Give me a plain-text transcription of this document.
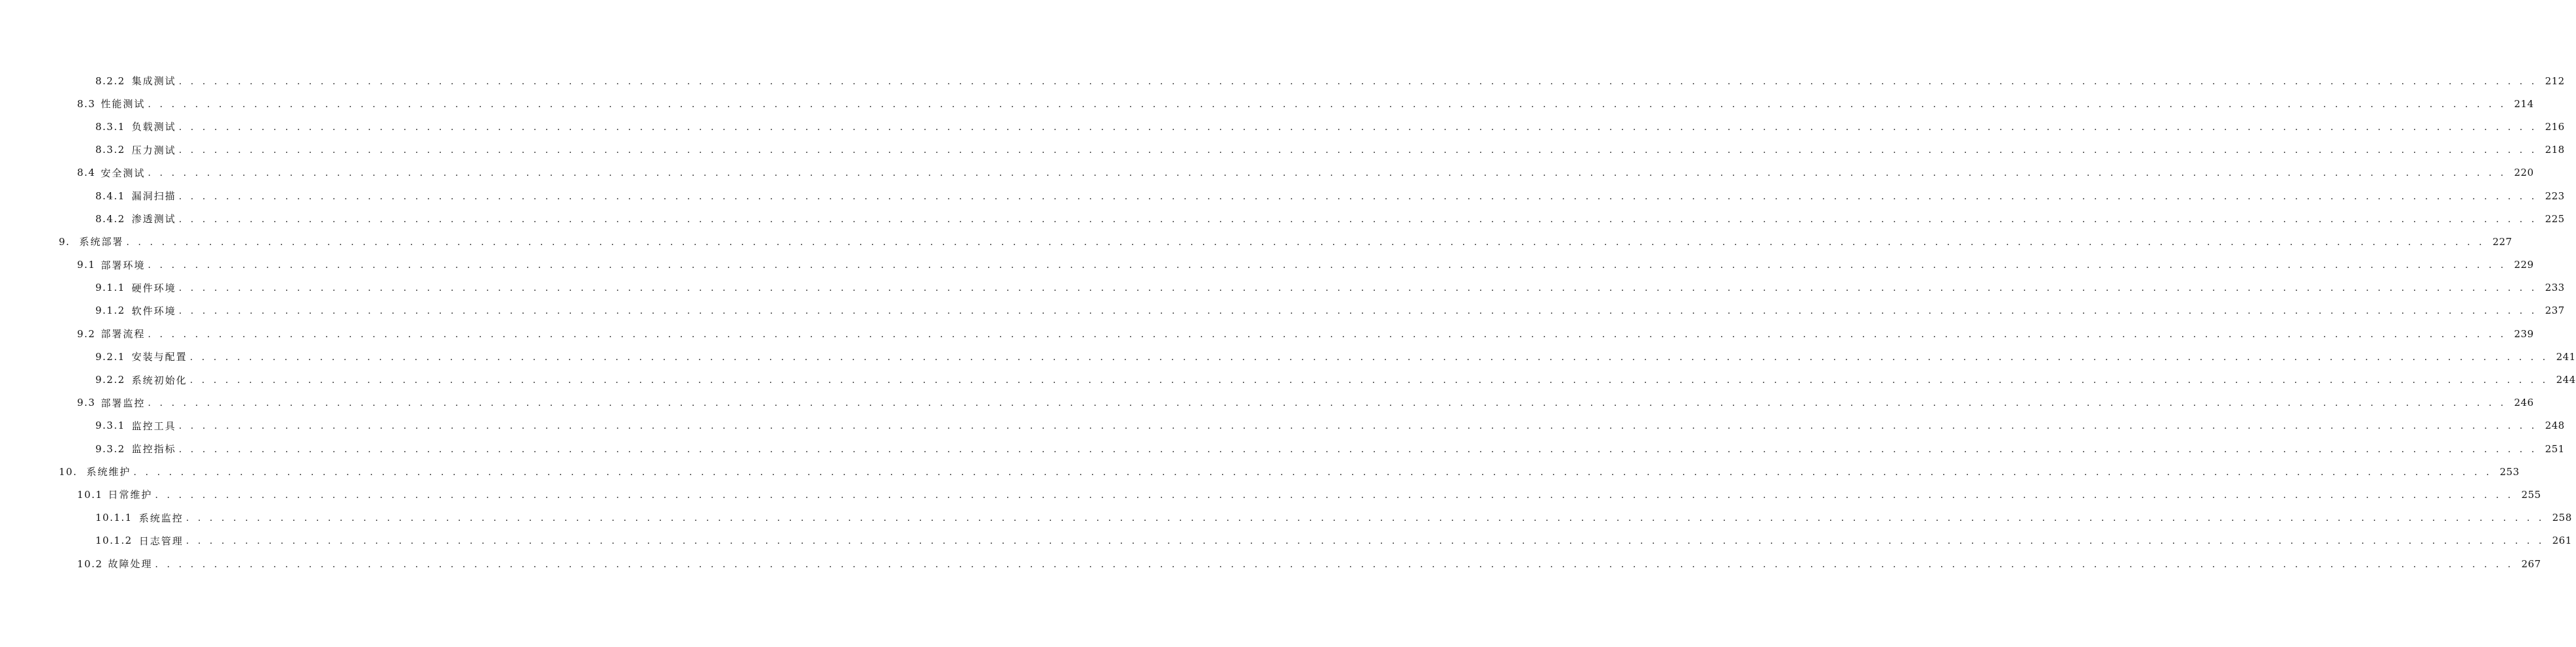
8.2.2 集成测试 . . . . . . . . . . . . . . . . . . . . . . . . . . . . . . . . . . . . . . . . . . . . . . . . . . . . . . . . . . . . . . . . . . . . . . . . . . . . . . . . . . . . . . . . . . . . . . . . . . . . . . . . . . . . . . . . . . . . . . . . . . . . . . . . . . . . . . . . . . . . . . . . . . . . . . . . . . . . . . . . . . . . . . . . . . . . . . . . . . . . . . . . . . . . . . . . . . . . . . . . 212
8.3 性能测试 . . . . . . . . . . . . . . . . . . . . . . . . . . . . . . . . . . . . . . . . . . . . . . . . . . . . . . . . . . . . . . . . . . . . . . . . . . . . . . . . . . . . . . . . . . . . . . . . . . . . . . . . . . . . . . . . . . . . . . . . . . . . . . . . . . . . . . . . . . . . . . . . . . . . . . . . . . . . . . . . . . . . . . . . . . . . . . . . . . . . . . . . . . . . . . . . . . . . . . . . 214
8.3.1 负载测试 . . . . . . . . . . . . . . . . . . . . . . . . . . . . . . . . . . . . . . . . . . . . . . . . . . . . . . . . . . . . . . . . . . . . . . . . . . . . . . . . . . . . . . . . . . . . . . . . . . . . . . . . . . . . . . . . . . . . . . . . . . . . . . . . . . . . . . . . . . . . . . . . . . . . . . . . . . . . . . . . . . . . . . . . . . . . . . . . . . . . . . . . . . . . . . . . . . . . . . . . 216
8.3.2 压力测试 . . . . . . . . . . . . . . . . . . . . . . . . . . . . . . . . . . . . . . . . . . . . . . . . . . . . . . . . . . . . . . . . . . . . . . . . . . . . . . . . . . . . . . . . . . . . . . . . . . . . . . . . . . . . . . . . . . . . . . . . . . . . . . . . . . . . . . . . . . . . . . . . . . . . . . . . . . . . . . . . . . . . . . . . . . . . . . . . . . . . . . . . . . . . . . . . . . . . . . . . 218
8.4 安全测试 . . . . . . . . . . . . . . . . . . . . . . . . . . . . . . . . . . . . . . . . . . . . . . . . . . . . . . . . . . . . . . . . . . . . . . . . . . . . . . . . . . . . . . . . . . . . . . . . . . . . . . . . . . . . . . . . . . . . . . . . . . . . . . . . . . . . . . . . . . . . . . . . . . . . . . . . . . . . . . . . . . . . . . . . . . . . . . . . . . . . . . . . . . . . . . . . . . . . . . . . 220
8.4.1 漏洞扫描 . . . . . . . . . . . . . . . . . . . . . . . . . . . . . . . . . . . . . . . . . . . . . . . . . . . . . . . . . . . . . . . . . . . . . . . . . . . . . . . . . . . . . . . . . . . . . . . . . . . . . . . . . . . . . . . . . . . . . . . . . . . . . . . . . . . . . . . . . . . . . . . . . . . . . . . . . . . . . . . . . . . . . . . . . . . . . . . . . . . . . . . . . . . . . . . . . . . . . . . . 223
8.4.2 渗透测试 . . . . . . . . . . . . . . . . . . . . . . . . . . . . . . . . . . . . . . . . . . . . . . . . . . . . . . . . . . . . . . . . . . . . . . . . . . . . . . . . . . . . . . . . . . . . . . . . . . . . . . . . . . . . . . . . . . . . . . . . . . . . . . . . . . . . . . . . . . . . . . . . . . . . . . . . . . . . . . . . . . . . . . . . . . . . . . . . . . . . . . . . . . . . . . . . . . . . . . . . 225
9. 系统部署 . . . . . . . . . . . . . . . . . . . . . . . . . . . . . . . . . . . . . . . . . . . . . . . . . . . . . . . . . . . . . . . . . . . . . . . . . . . . . . . . . . . . . . . . . . . . . . . . . . . . . . . . . . . . . . . . . . . . . . . . . . . . . . . . . . . . . . . . . . . . . . . . . . . . . . . . . . . . . . . . . . . . . . . . . . . . . . . . . . . . . . . . . . . . . . . . . . . . . . . . 227
9.1 部署环境 . . . . . . . . . . . . . . . . . . . . . . . . . . . . . . . . . . . . . . . . . . . . . . . . . . . . . . . . . . . . . . . . . . . . . . . . . . . . . . . . . . . . . . . . . . . . . . . . . . . . . . . . . . . . . . . . . . . . . . . . . . . . . . . . . . . . . . . . . . . . . . . . . . . . . . . . . . . . . . . . . . . . . . . . . . . . . . . . . . . . . . . . . . . . . . . . . . . . . . . . 229
9.1.1 硬件环境 . . . . . . . . . . . . . . . . . . . . . . . . . . . . . . . . . . . . . . . . . . . . . . . . . . . . . . . . . . . . . . . . . . . . . . . . . . . . . . . . . . . . . . . . . . . . . . . . . . . . . . . . . . . . . . . . . . . . . . . . . . . . . . . . . . . . . . . . . . . . . . . . . . . . . . . . . . . . . . . . . . . . . . . . . . . . . . . . . . . . . . . . . . . . . . . . . . . . . . . . 233
9.1.2 软件环境 . . . . . . . . . . . . . . . . . . . . . . . . . . . . . . . . . . . . . . . . . . . . . . . . . . . . . . . . . . . . . . . . . . . . . . . . . . . . . . . . . . . . . . . . . . . . . . . . . . . . . . . . . . . . . . . . . . . . . . . . . . . . . . . . . . . . . . . . . . . . . . . . . . . . . . . . . . . . . . . . . . . . . . . . . . . . . . . . . . . . . . . . . . . . . . . . . . . . . . . . 237
9.2 部署流程 . . . . . . . . . . . . . . . . . . . . . . . . . . . . . . . . . . . . . . . . . . . . . . . . . . . . . . . . . . . . . . . . . . . . . . . . . . . . . . . . . . . . . . . . . . . . . . . . . . . . . . . . . . . . . . . . . . . . . . . . . . . . . . . . . . . . . . . . . . . . . . . . . . . . . . . . . . . . . . . . . . . . . . . . . . . . . . . . . . . . . . . . . . . . . . . . . . . . . . . . 239
9.2.1 安装与配置 . . . . . . . . . . . . . . . . . . . . . . . . . . . . . . . . . . . . . . . . . . . . . . . . . . . . . . . . . . . . . . . . . . . . . . . . . . . . . . . . . . . . . . . . . . . . . . . . . . . . . . . . . . . . . . . . . . . . . . . . . . . . . . . . . . . . . . . . . . . . . . . . . . . . . . . . . . . . . . . . . . . . . . . . . . . . . . . . . . . . . . . . . . . . . . . . . . . . . . . . 241
9.2.2 系统初始化 . . . . . . . . . . . . . . . . . . . . . . . . . . . . . . . . . . . . . . . . . . . . . . . . . . . . . . . . . . . . . . . . . . . . . . . . . . . . . . . . . . . . . . . . . . . . . . . . . . . . . . . . . . . . . . . . . . . . . . . . . . . . . . . . . . . . . . . . . . . . . . . . . . . . . . . . . . . . . . . . . . . . . . . . . . . . . . . . . . . . . . . . . . . . . . . . . . . . . . . . 244
9.3 部署监控 . . . . . . . . . . . . . . . . . . . . . . . . . . . . . . . . . . . . . . . . . . . . . . . . . . . . . . . . . . . . . . . . . . . . . . . . . . . . . . . . . . . . . . . . . . . . . . . . . . . . . . . . . . . . . . . . . . . . . . . . . . . . . . . . . . . . . . . . . . . . . . . . . . . . . . . . . . . . . . . . . . . . . . . . . . . . . . . . . . . . . . . . . . . . . . . . . . . . . . . . 246
9.3.1 监控工具 . . . . . . . . . . . . . . . . . . . . . . . . . . . . . . . . . . . . . . . . . . . . . . . . . . . . . . . . . . . . . . . . . . . . . . . . . . . . . . . . . . . . . . . . . . . . . . . . . . . . . . . . . . . . . . . . . . . . . . . . . . . . . . . . . . . . . . . . . . . . . . . . . . . . . . . . . . . . . . . . . . . . . . . . . . . . . . . . . . . . . . . . . . . . . . . . . . . . . . . . 248
9.3.2 监控指标 . . . . . . . . . . . . . . . . . . . . . . . . . . . . . . . . . . . . . . . . . . . . . . . . . . . . . . . . . . . . . . . . . . . . . . . . . . . . . . . . . . . . . . . . . . . . . . . . . . . . . . . . . . . . . . . . . . . . . . . . . . . . . . . . . . . . . . . . . . . . . . . . . . . . . . . . . . . . . . . . . . . . . . . . . . . . . . . . . . . . . . . . . . . . . . . . . . . . . . . . 251
10. 系统维护 . . . . . . . . . . . . . . . . . . . . . . . . . . . . . . . . . . . . . . . . . . . . . . . . . . . . . . . . . . . . . . . . . . . . . . . . . . . . . . . . . . . . . . . . . . . . . . . . . . . . . . . . . . . . . . . . . . . . . . . . . . . . . . . . . . . . . . . . . . . . . . . . . . . . . . . . . . . . . . . . . . . . . . . . . . . . . . . . . . . . . . . . . . . . . . . . . . . . . . . . 253
10.1 日常维护 . . . . . . . . . . . . . . . . . . . . . . . . . . . . . . . . . . . . . . . . . . . . . . . . . . . . . . . . . . . . . . . . . . . . . . . . . . . . . . . . . . . . . . . . . . . . . . . . . . . . . . . . . . . . . . . . . . . . . . . . . . . . . . . . . . . . . . . . . . . . . . . . . . . . . . . . . . . . . . . . . . . . . . . . . . . . . . . . . . . . . . . . . . . . . . . . . . . . . . . . 255
10.1.1 系统监控 . . . . . . . . . . . . . . . . . . . . . . . . . . . . . . . . . . . . . . . . . . . . . . . . . . . . . . . . . . . . . . . . . . . . . . . . . . . . . . . . . . . . . . . . . . . . . . . . . . . . . . . . . . . . . . . . . . . . . . . . . . . . . . . . . . . . . . . . . . . . . . . . . . . . . . . . . . . . . . . . . . . . . . . . . . . . . . . . . . . . . . . . . . . . . . . . . . . . . . . . 258
10.1.2 日志管理 . . . . . . . . . . . . . . . . . . . . . . . . . . . . . . . . . . . . . . . . . . . . . . . . . . . . . . . . . . . . . . . . . . . . . . . . . . . . . . . . . . . . . . . . . . . . . . . . . . . . . . . . . . . . . . . . . . . . . . . . . . . . . . . . . . . . . . . . . . . . . . . . . . . . . . . . . . . . . . . . . . . . . . . . . . . . . . . . . . . . . . . . . . . . . . . . . . . . . . . . 261
10.2 故障处理 . . . . . . . . . . . . . . . . . . . . . . . . . . . . . . . . . . . . . . . . . . . . . . . . . . . . . . . . . . . . . . . . . . . . . . . . . . . . . . . . . . . . . . . . . . . . . . . . . . . . . . . . . . . . . . . . . . . . . . . . . . . . . . . . . . . . . . . . . . . . . . . . . . . . . . . . . . . . . . . . . . . . . . . . . . . . . . . . . . . . . . . . . . . . . . . . . . . . . . . . 267
